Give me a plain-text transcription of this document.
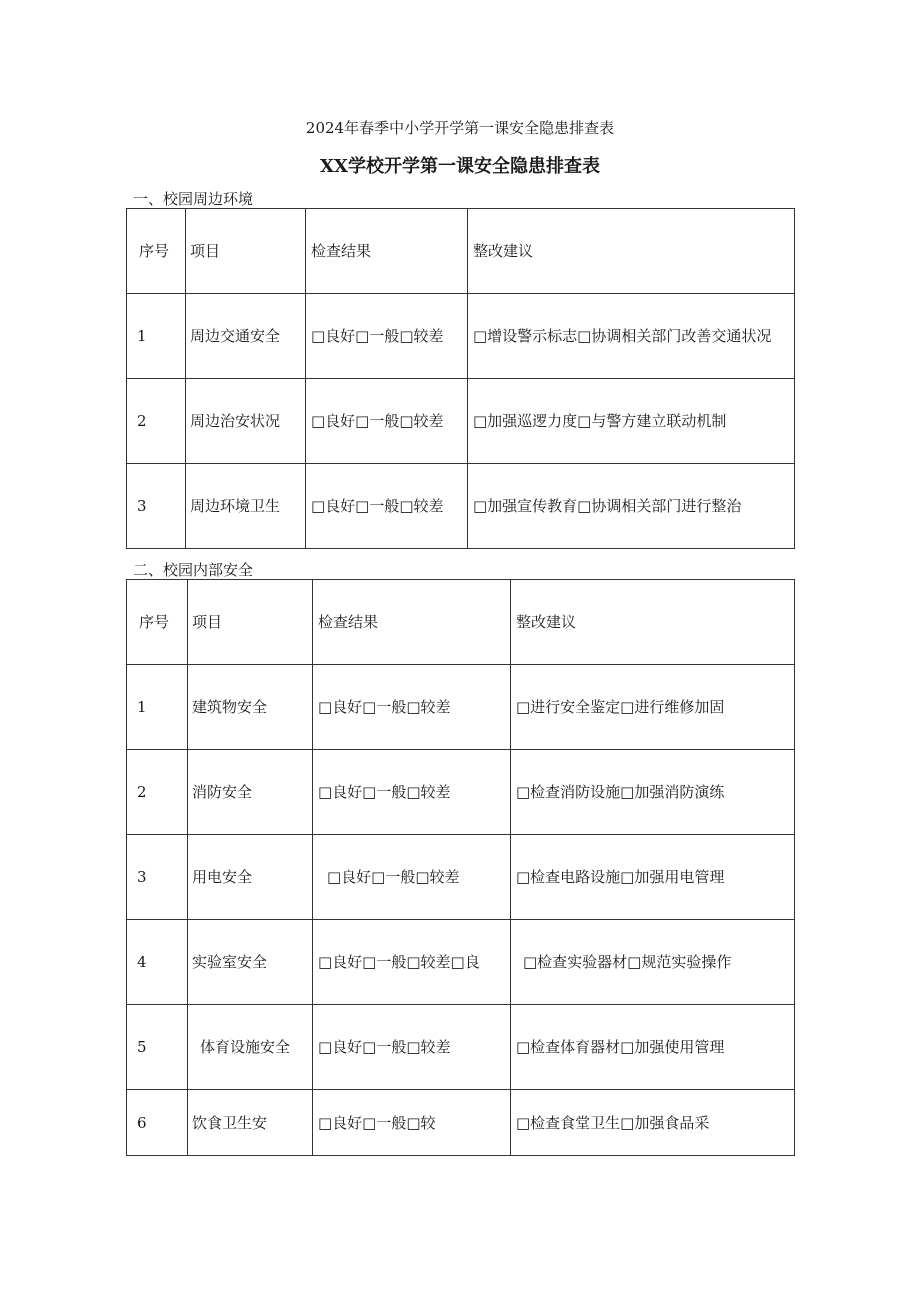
2024年春季中小学开学第一课安全隐患排查表
XX学校开学第一课安全隐患排查表
一、校园周边环境
序号	项目	检查结果	整改建议
1	周边交通安全	□良好□一般□较差	□增设警示标志□协调相关部门改善交通状况
2	周边治安状况	□良好□一般□较差	□加强巡逻力度□与警方建立联动机制
3	周边环境卫生	□良好□一般□较差	□加强宣传教育□协调相关部门进行整治
二、校园内部安全
序号	项目	检查结果	整改建议
1	建筑物安全	□良好□一般□较差	□进行安全鉴定□进行维修加固
2	消防安全	□良好□一般□较差	□检查消防设施□加强消防演练
3	用电安全	□良好□一般□较差	□检查电路设施□加强用电管理
4	实验室安全	□良好□一般□较差□良	□检查实验器材□规范实验操作
5	体育设施安全	□良好□一般□较差	□检查体育器材□加强使用管理
6	饮食卫生安	□良好□一般□较	□检查食堂卫生□加强食品采
